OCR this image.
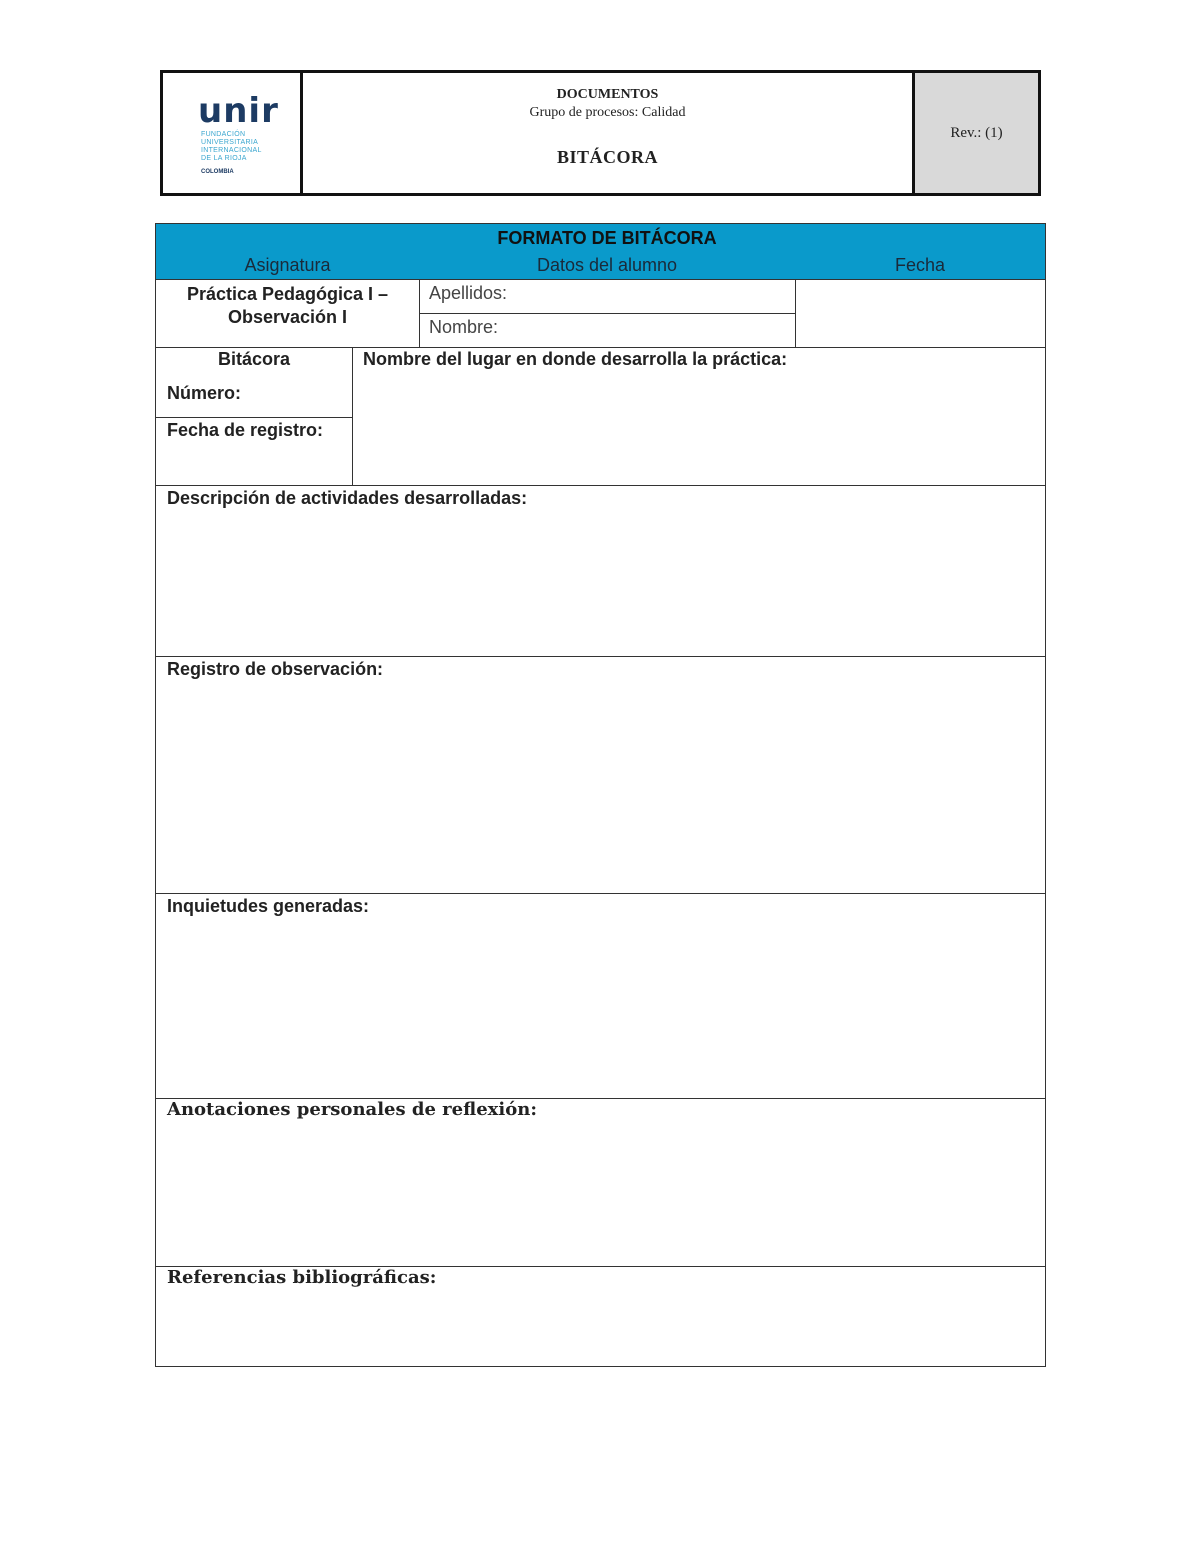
unir
FUNDACIÓN
UNIVERSITARIA
INTERNACIONAL
DE LA RIOJA
COLOMBIA
DOCUMENTOS
Grupo de procesos: Calidad
BITÁCORA
Rev.: (1)
FORMATO DE BITÁCORA
Asignatura	Datos del alumno	Fecha
Práctica Pedagógica I –
Observación I
Apellidos:
Nombre:
Bitácora
Número:
Fecha de registro:
Nombre del lugar en donde desarrolla la práctica:
Descripción de actividades desarrolladas:
Registro de observación:
Inquietudes generadas:
Anotaciones personales de reflexión:
Referencias bibliográficas:
